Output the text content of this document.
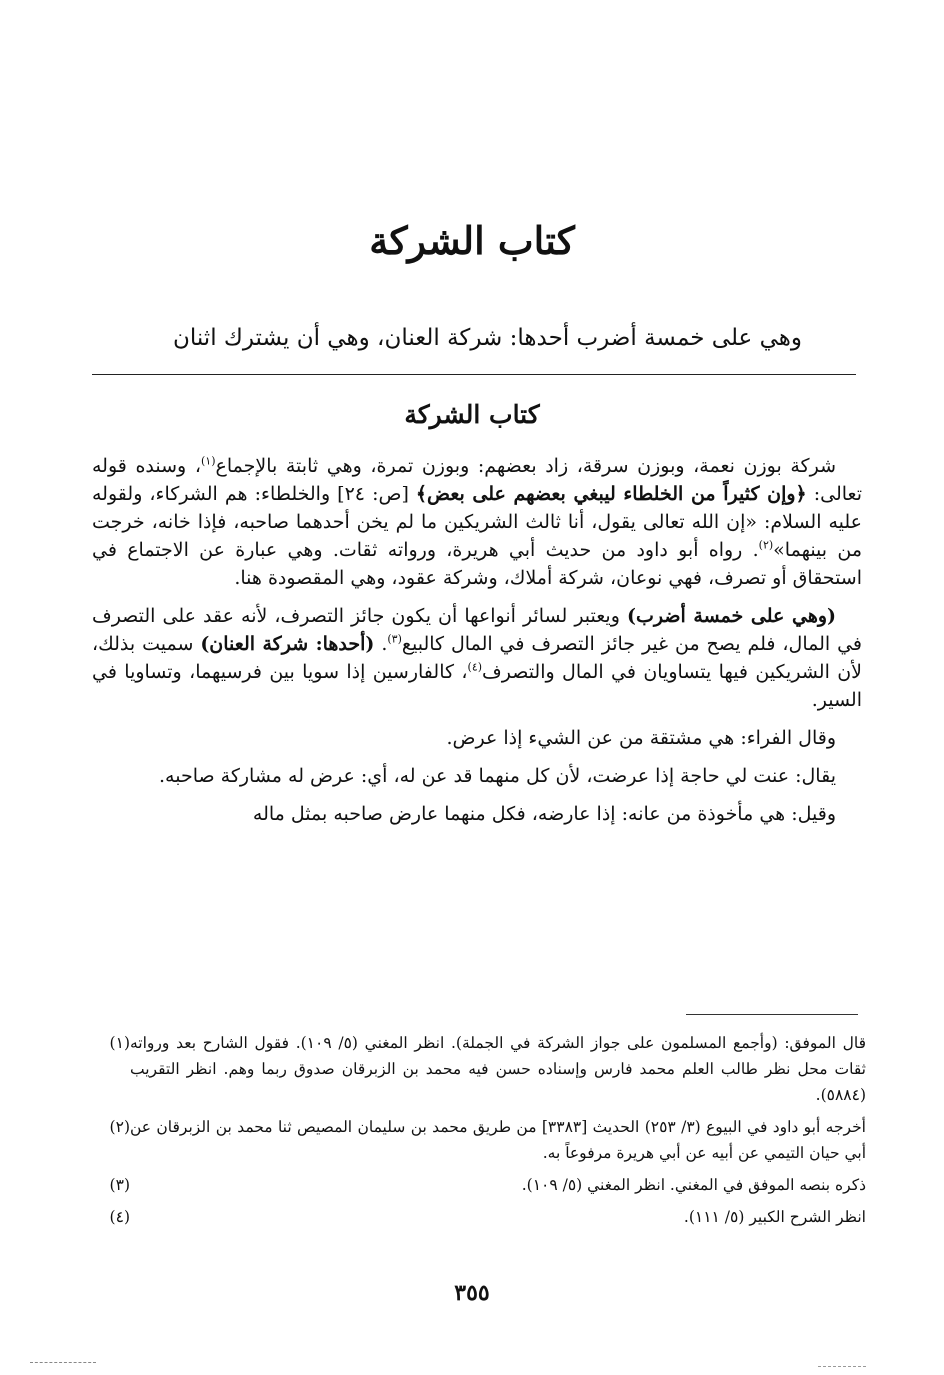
كتاب الشركة
وهي على خمسة أضرب أحدها: شركة العنان، وهي أن يشترك اثنان
كتاب الشركة

شركة بوزن نعمة، وبوزن سرقة، زاد بعضهم: وبوزن تمرة، وهي ثابتة بالإجماع$^{(١)}$، وسنده قوله تعالى: ﴿وإن كثيراً من الخلطاء ليبغي بعضهم على بعض﴾ [ص: ٢٤] والخلطاء: هم الشركاء، ولقوله عليه السلام: «إن الله تعالى يقول، أنا ثالث الشريكين ما لم يخن أحدهما صاحبه، فإذا خانه، خرجت من بينهما»$^{(٢)}$. رواه أبو داود من حديث أبي هريرة، ورواته ثقات. وهي عبارة عن الاجتماع في استحقاق أو تصرف، فهي نوعان، شركة أملاك، وشركة عقود، وهي المقصودة هنا.

(وهي على خمسة أضرب) ويعتبر لسائر أنواعها أن يكون جائز التصرف، لأنه عقد على التصرف في المال، فلم يصح من غير جائز التصرف في المال كالبيع$^{(٣)}$. (أحدها: شركة العنان) سميت بذلك، لأن الشريكين فيها يتساويان في المال والتصرف$^{(٤)}$، كالفارسين إذا سويا بين فرسيهما، وتساويا في السير.

وقال الفراء: هي مشتقة من عن الشيء إذا عرض.

يقال: عنت لي حاجة إذا عرضت، لأن كل منهما قد عن له، أي: عرض له مشاركة صاحبه.

وقيل: هي مأخوذة من عانه: إذا عارضه، فكل منهما عارض صاحبه بمثل ماله

(١) قال الموفق: (وأجمع المسلمون على جواز الشركة في الجملة). انظر المغني (٥/ ١٠٩). فقول الشارح بعد ورواته ثقات محل نظر طالب العلم محمد فارس وإسناده حسن فيه محمد بن الزبرقان صدوق ربما وهم. انظر التقريب (٥٨٨٤).
(٢) أخرجه أبو داود في البيوع (٣/ ٢٥٣) الحديث [٣٣٨٣] من طريق محمد بن سليمان المصيص ثنا محمد بن الزبرقان عن أبي حيان التيمي عن أبيه عن أبي هريرة مرفوعاً به.
(٣)	ذكره بنصه الموفق في المغني. انظر المغني (٥/ ١٠٩).
(٤)	انظر الشرح الكبير (٥/ ١١١).
٣٥٥
